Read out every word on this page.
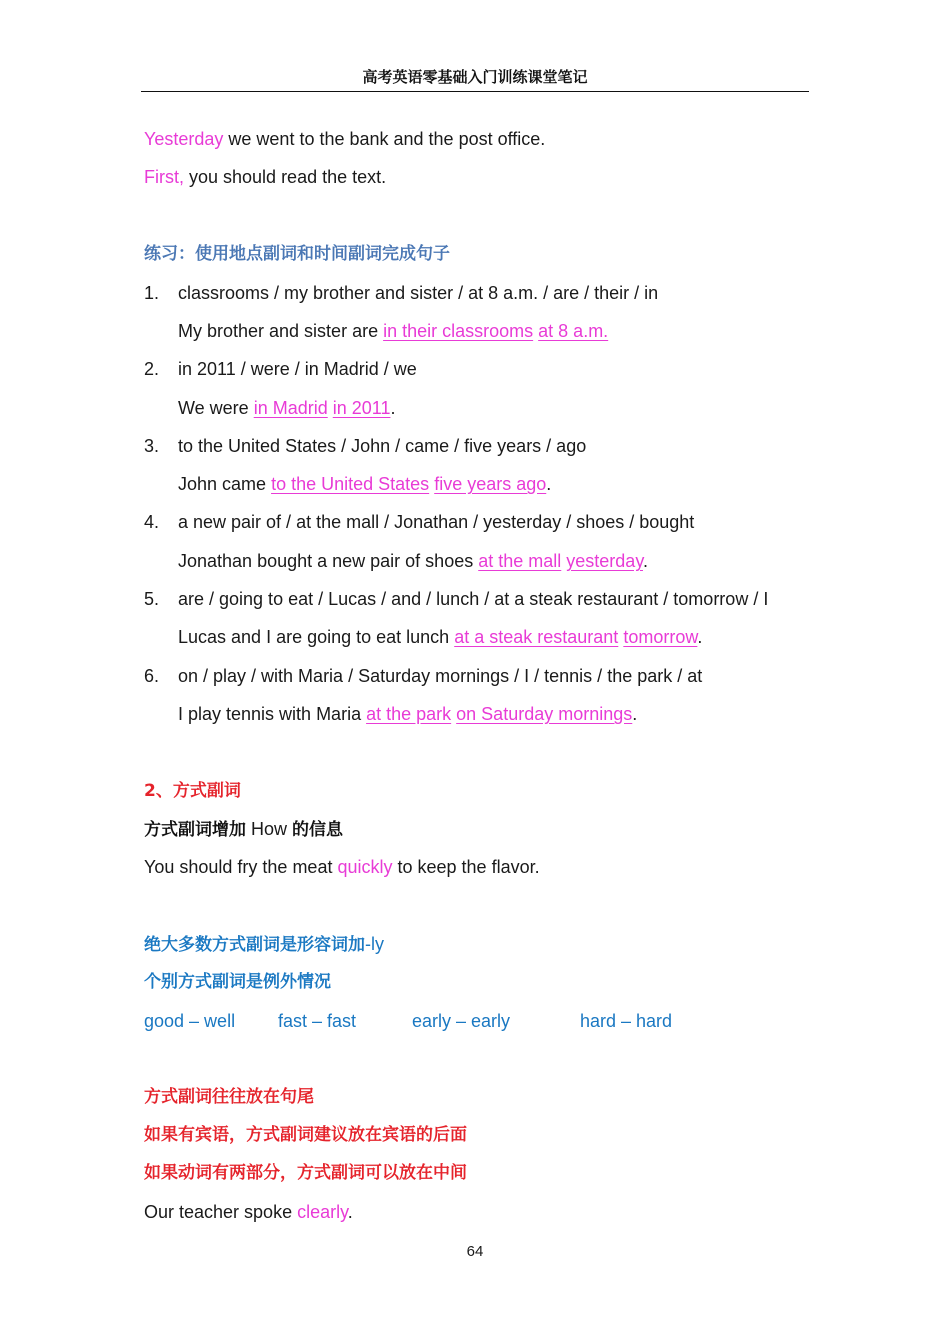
高考英语零基础入门训练课堂笔记
Yesterday we went to the bank and the post office.
First, you should read the text.
练习：使用地点副词和时间副词完成句子
1. classrooms / my brother and sister / at 8 a.m. / are / their / in
My brother and sister are in their classrooms at 8 a.m.
2. in 2011 / were / in Madrid / we
We were in Madrid in 2011.
3. to the United States / John / came / five years / ago
John came to the United States five years ago.
4. a new pair of / at the mall / Jonathan / yesterday / shoes / bought
Jonathan bought a new pair of shoes at the mall yesterday.
5. are / going to eat / Lucas / and / lunch / at a steak restaurant / tomorrow / I
Lucas and I are going to eat lunch at a steak restaurant tomorrow.
6. on / play / with Maria / Saturday mornings / I / tennis / the park / at
I play tennis with Maria at the park on Saturday mornings.
2、方式副词
方式副词增加 How 的信息
You should fry the meat quickly to keep the flavor.
绝大多数方式副词是形容词加-ly
个别方式副词是例外情况
good – well fast – fast	early – early	hard – hard
方式副词往往放在句尾
如果有宾语，方式副词建议放在宾语的后面
如果动词有两部分，方式副词可以放在中间
Our teacher spoke clearly.
64
